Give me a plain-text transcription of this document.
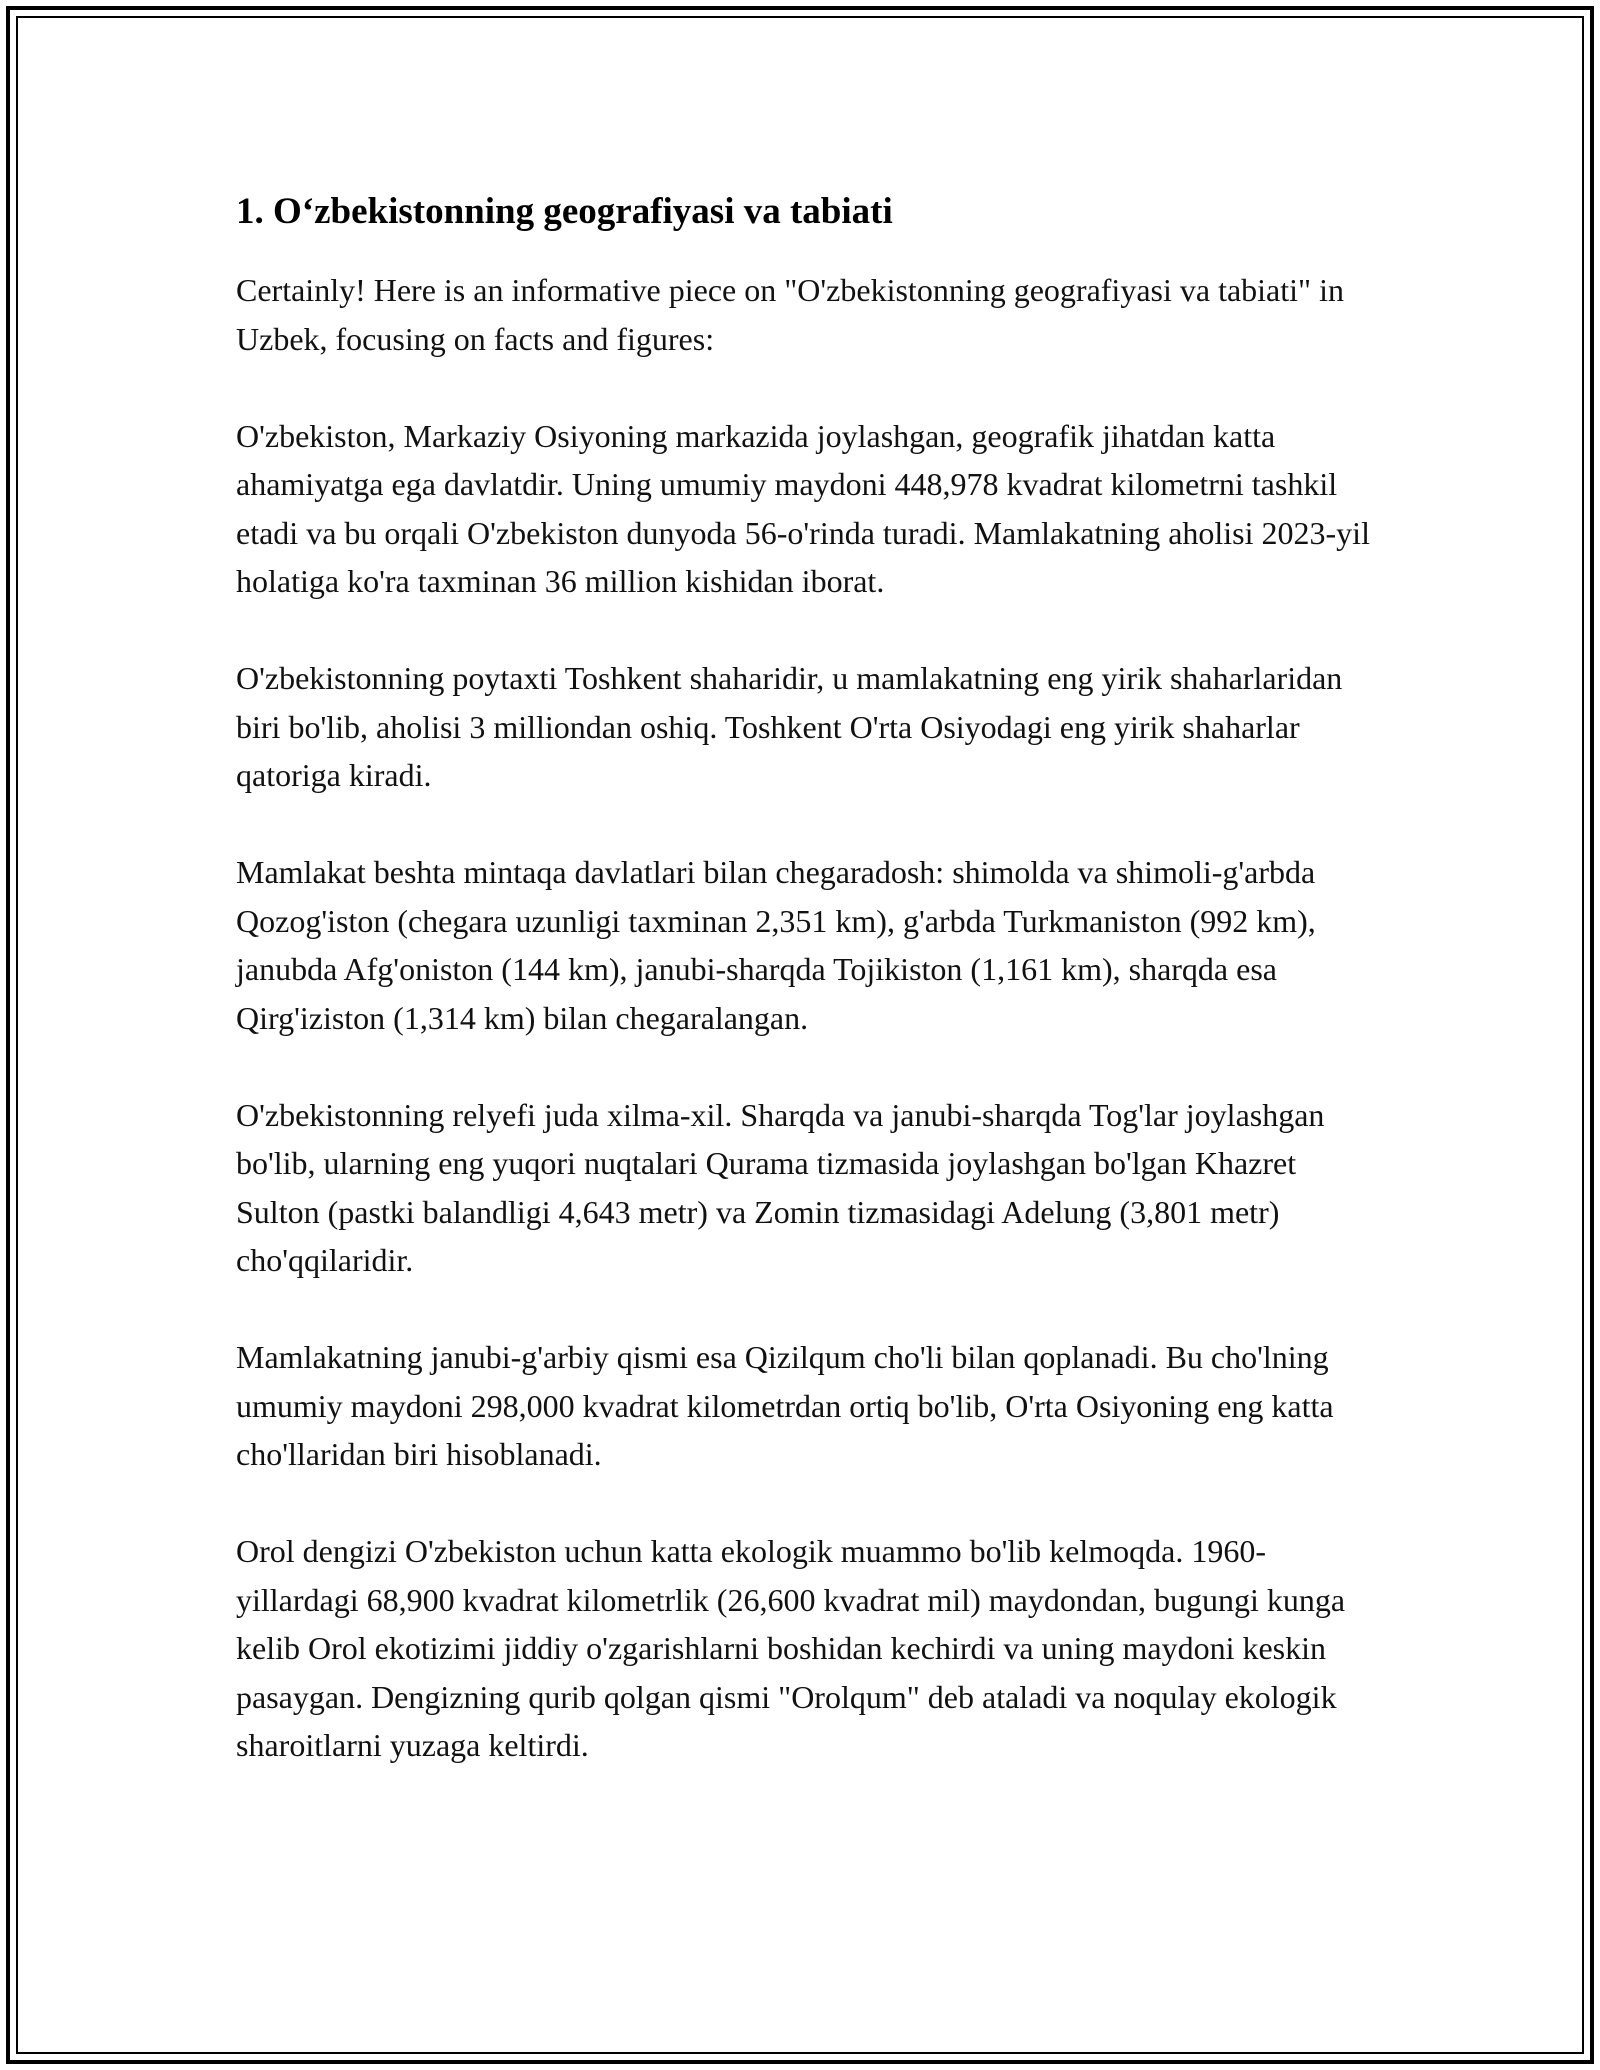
1. O‘zbekistonning geografiyasi va tabiati

Certainly! Here is an informative piece on "O'zbekistonning geografiyasi va tabiati" in Uzbek, focusing on facts and figures:

O'zbekiston, Markaziy Osiyoning markazida joylashgan, geografik jihatdan katta ahamiyatga ega davlatdir. Uning umumiy maydoni 448,978 kvadrat kilometrni tashkil etadi va bu orqali O'zbekiston dunyoda 56-o'rinda turadi. Mamlakatning aholisi 2023-yil holatiga ko'ra taxminan 36 million kishidan iborat.

O'zbekistonning poytaxti Toshkent shaharidir, u mamlakatning eng yirik shaharlaridan biri bo'lib, aholisi 3 milliondan oshiq. Toshkent O'rta Osiyodagi eng yirik shaharlar qatoriga kiradi.

Mamlakat beshta mintaqa davlatlari bilan chegaradosh: shimolda va shimoli-g'arbda Qozog'iston (chegara uzunligi taxminan 2,351 km), g'arbda Turkmaniston (992 km), janubda Afg'oniston (144 km), janubi-sharqda Tojikiston (1,161 km), sharqda esa Qirg'iziston (1,314 km) bilan chegaralangan.

O'zbekistonning relyefi juda xilma-xil. Sharqda va janubi-sharqda Tog'lar joylashgan bo'lib, ularning eng yuqori nuqtalari Qurama tizmasida joylashgan bo'lgan Khazret Sulton (pastki balandligi 4,643 metr) va Zomin tizmasidagi Adelung (3,801 metr) cho'qqilaridir.

Mamlakatning janubi-g'arbiy qismi esa Qizilqum cho'li bilan qoplanadi. Bu cho'lning umumiy maydoni 298,000 kvadrat kilometrdan ortiq bo'lib, O'rta Osiyoning eng katta cho'llaridan biri hisoblanadi.

Orol dengizi O'zbekiston uchun katta ekologik muammo bo'lib kelmoqda. 1960-yillardagi 68,900 kvadrat kilometrlik (26,600 kvadrat mil) maydondan, bugungi kunga kelib Orol ekotizimi jiddiy o'zgarishlarni boshidan kechirdi va uning maydoni keskin pasaygan. Dengizning qurib qolgan qismi "Orolqum" deb ataladi va noqulay ekologik sharoitlarni yuzaga keltirdi.
